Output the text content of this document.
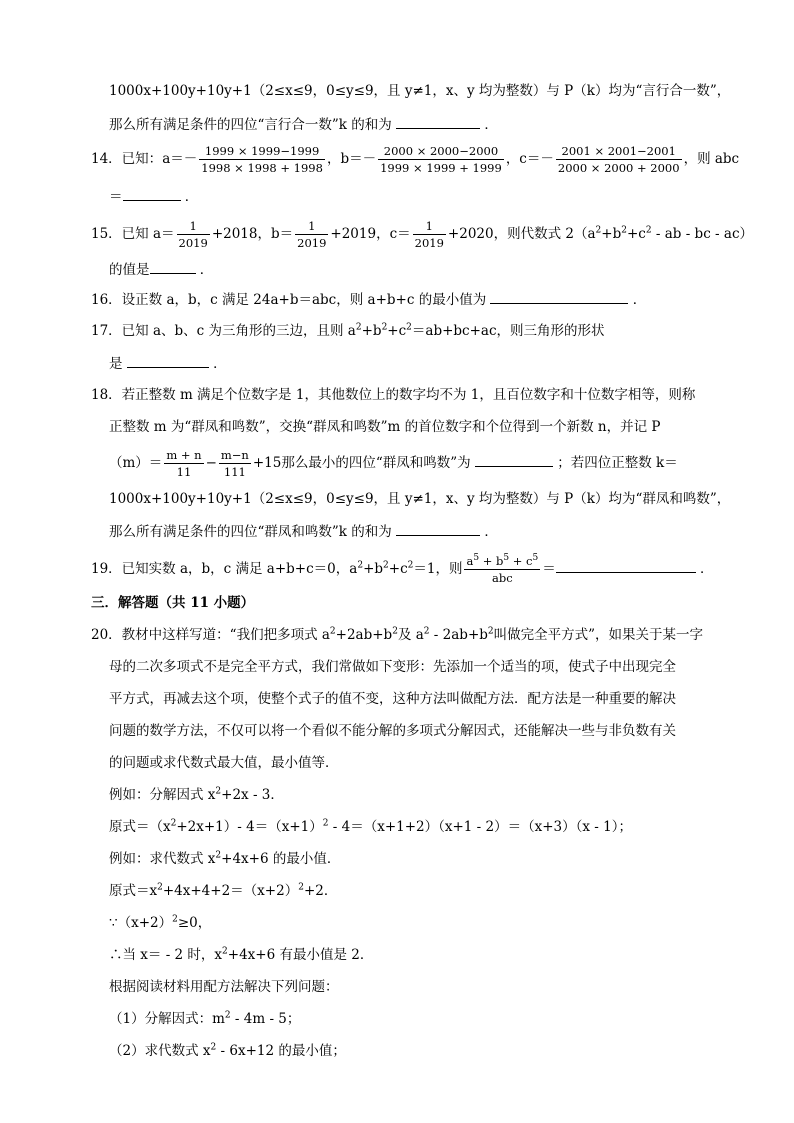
1000x+100y+10y+1（2≤x≤9，0≤y≤9，且 y≠1，x、y 均为整数）与 P（k）均为“言行合一数”，
那么所有满足条件的四位“言行合一数”k 的和为	．
14．已知：$a=- \frac{1999 \times 1999-1999}{1998 \times 1998 + 1998}$ ，$b=- \frac{2000 \times 2000-2000}{1999 \times 1999 + 1999}$ ，$c=- \frac{2001 \times 2001-2001}{2000 \times 2000 + 2000}$ ，则 abc
＝	．
15．已知 $a= \frac{1}{2019} +2018$，$b= \frac{1}{2019} +2019$，$c= \frac{1}{2019} +2020$，则代数式 $2(a^2+b^2+c^2$ - ab - bc - ac）
的值是	．
16．设正数 a，b，c 满足 24a+b＝abc，则 a+b+c 的最小值为	．
17．已知 a、b、c 为三角形的三边，且则 $a^2+b^2+c^2=ab+bc+ac$，则三角形的形状
是	．
18．若正整数 m 满足个位数字是 1，其他数位上的数字均不为 1，且百位数字和十位数字相等，则称
正整数 m 为“群凤和鸣数”，交换“群凤和鸣数”m 的首位数字和个位得到一个新数 n，并记 P
$(m)= \frac{m + n}{11} - \frac{m-n}{111} +15$那么最小的四位“群凤和鸣数”为	；若四位正整数 k＝
1000x+100y+10y+1（2≤x≤9，0≤y≤9，且 y≠1，x、y 均为整数）与 P（k）均为“群凤和鸣数”，
那么所有满足条件的四位“群凤和鸣数”k 的和为	．
19．已知实数 a，b，c 满足 a+b+c＝0，$a^2+b^2+c^2=1$，则 $\frac{a^5 + b^5 + c^5}{\text{abc}}$ ＝	．
三．解答题（共 11 小题）
20．教材中这样写道：“我们把多项式 $a^2+2ab+b^2$及 $a^2 - 2ab+b^2$叫做完全平方式”，如果关于某一字
母的二次多项式不是完全平方式，我们常做如下变形：先添加一个适当的项，使式子中出现完全
平方式，再减去这个项，使整个式子的值不变，这种方法叫做配方法．配方法是一种重要的解决
问题的数学方法，不仅可以将一个看似不能分解的多项式分解因式，还能解决一些与非负数有关
的问题或求代数式最大值，最小值等．
例如：分解因式 $x^2+2x - 3$．
原式$=(x^2+2x+1)-$ $4=(x+1)^2 - 4=(x+1+2)(x+1 - 2)=(x+3)(x - 1)$；
例如：求代数式 $x^2+4x+6$ 的最小值．
原式$=x^2+4x+4+2=(x+2)^2+2$．
$\because(x+2)^2\ge 0$，
∴当 x＝ - 2 时，$x^2+4x+6$ 有最小值是 2．
根据阅读材料用配方法解决下列问题：
（1）分解因式：$m^2 - 4m - 5$；
（2）求代数式 $x^2 - 6x+12$ 的最小值；
